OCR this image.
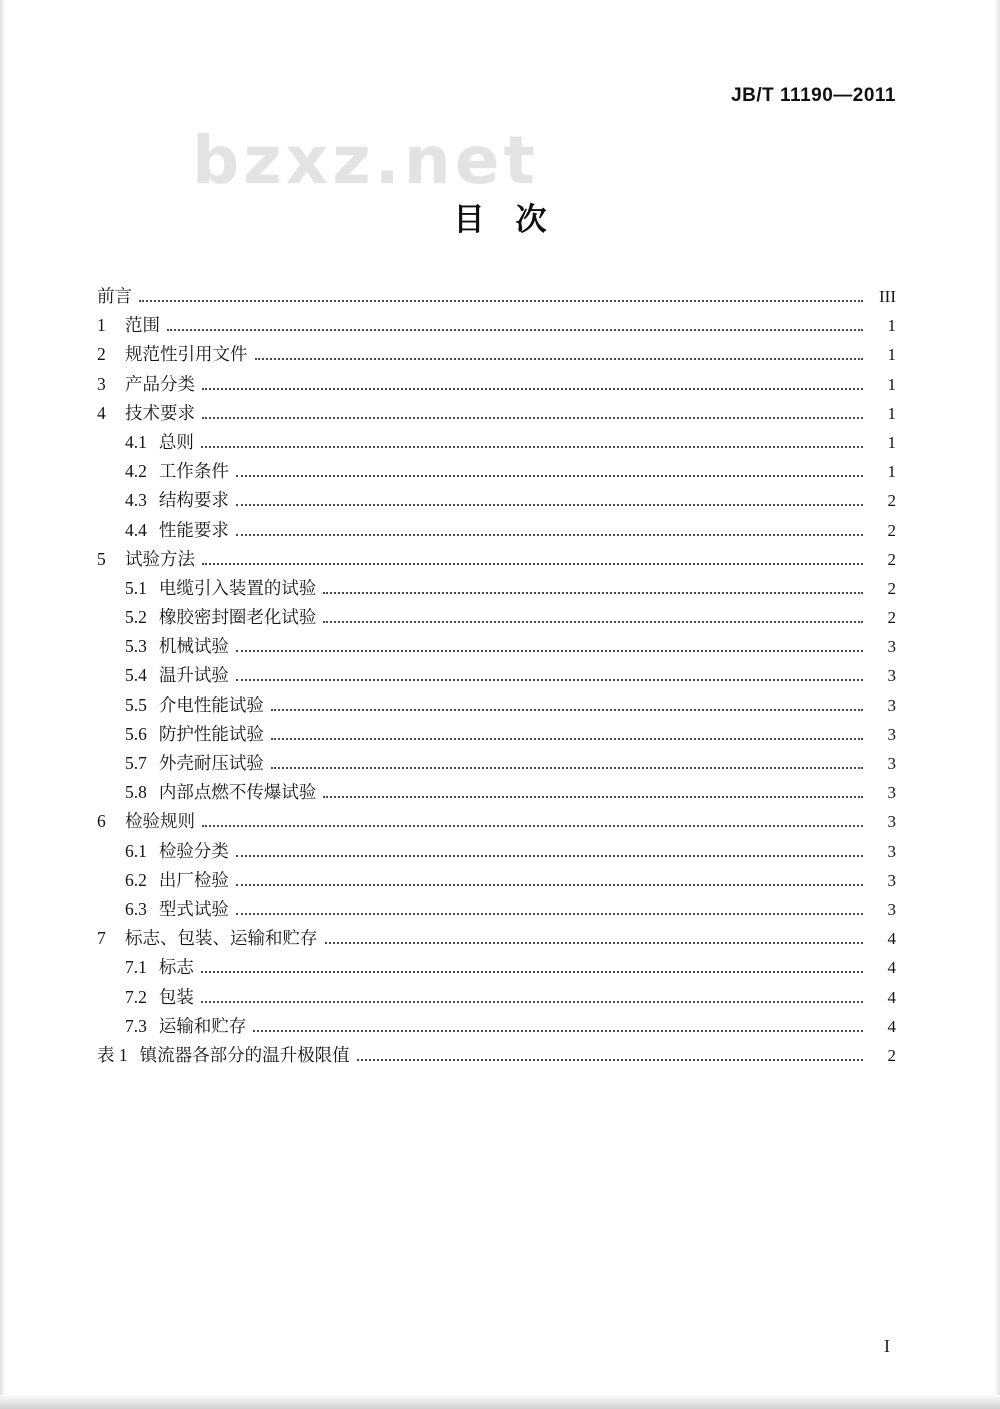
bzxz.net
JB/T 11190—2011
目　次
前言	III
1	范围	1
2	规范性引用文件	1
3	产品分类	1
4	技术要求	1
4.1 总则	1
4.2 工作条件	1
4.3 结构要求	2
4.4 性能要求	2
5	试验方法	2
5.1 电缆引入装置的试验	2
5.2 橡胶密封圈老化试验	2
5.3 机械试验	3
5.4 温升试验	3
5.5 介电性能试验	3
5.6 防护性能试验	3
5.7 外壳耐压试验	3
5.8 内部点燃不传爆试验	3
6	检验规则	3
6.1 检验分类	3
6.2 出厂检验	3
6.3 型式试验	3
7	标志、包装、运输和贮存	4
7.1 标志	4
7.2 包装	4
7.3 运输和贮存	4
表 1 镇流器各部分的温升极限值	2
I
